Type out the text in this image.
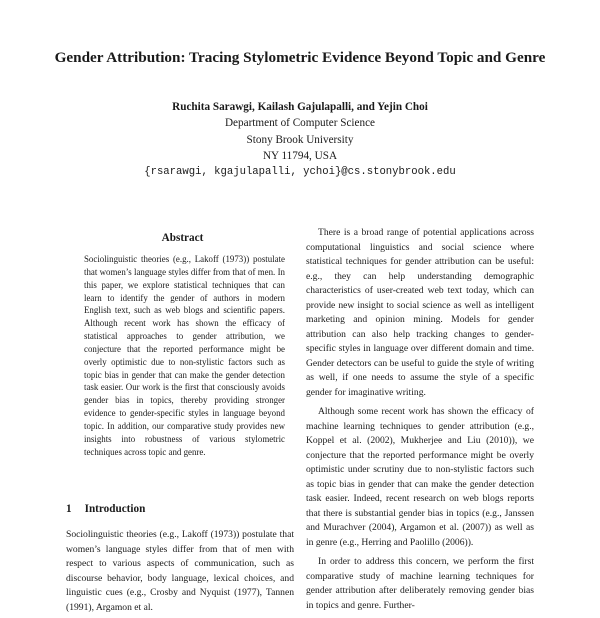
Gender Attribution: Tracing Stylometric Evidence Beyond Topic and Genre
Ruchita Sarawgi, Kailash Gajulapalli, and Yejin Choi
Department of Computer Science
Stony Brook University
NY 11794, USA
{rsarawgi, kgajulapalli, ychoi}@cs.stonybrook.edu
Abstract

Sociolinguistic theories (e.g., Lakoff (1973)) postulate that women’s language styles differ from that of men. In this paper, we explore statistical techniques that can learn to identify the gender of authors in modern English text, such as web blogs and scientific papers. Although recent work has shown the efficacy of statistical approaches to gender attribution, we conjecture that the reported performance might be overly optimistic due to non-stylistic factors such as topic bias in gender that can make the gender detection task easier. Our work is the first that consciously avoids gender bias in topics, thereby providing stronger evidence to gender-specific styles in language beyond topic. In addition, our comparative study provides new insights into robustness of various stylometric techniques across topic and genre.

1 Introduction

Sociolinguistic theories (e.g., Lakoff (1973)) postulate that women’s language styles differ from that of men with respect to various aspects of communication, such as discourse behavior, body language, lexical choices, and linguistic cues (e.g., Crosby and Nyquist (1977), Tannen (1991), Argamon et al.

There is a broad range of potential applications across computational linguistics and social science where statistical techniques for gender attribution can be useful: e.g., they can help understanding demographic characteristics of user-created web text today, which can provide new insight to social science as well as intelligent marketing and opinion mining. Models for gender attribution can also help tracking changes to gender-specific styles in language over different domain and time. Gender detectors can be useful to guide the style of writing as well, if one needs to assume the style of a specific gender for imaginative writing.

Although some recent work has shown the efficacy of machine learning techniques to gender attribution (e.g., Koppel et al. (2002), Mukherjee and Liu (2010)), we conjecture that the reported performance might be overly optimistic under scrutiny due to non-stylistic factors such as topic bias in gender that can make the gender detection task easier. Indeed, recent research on web blogs reports that there is substantial gender bias in topics (e.g., Janssen and Murachver (2004), Argamon et al. (2007)) as well as in genre (e.g., Herring and Paolillo (2006)).

In order to address this concern, we perform the first comparative study of machine learning techniques for gender attribution after deliberately removing gender bias in topics and genre. Further-
